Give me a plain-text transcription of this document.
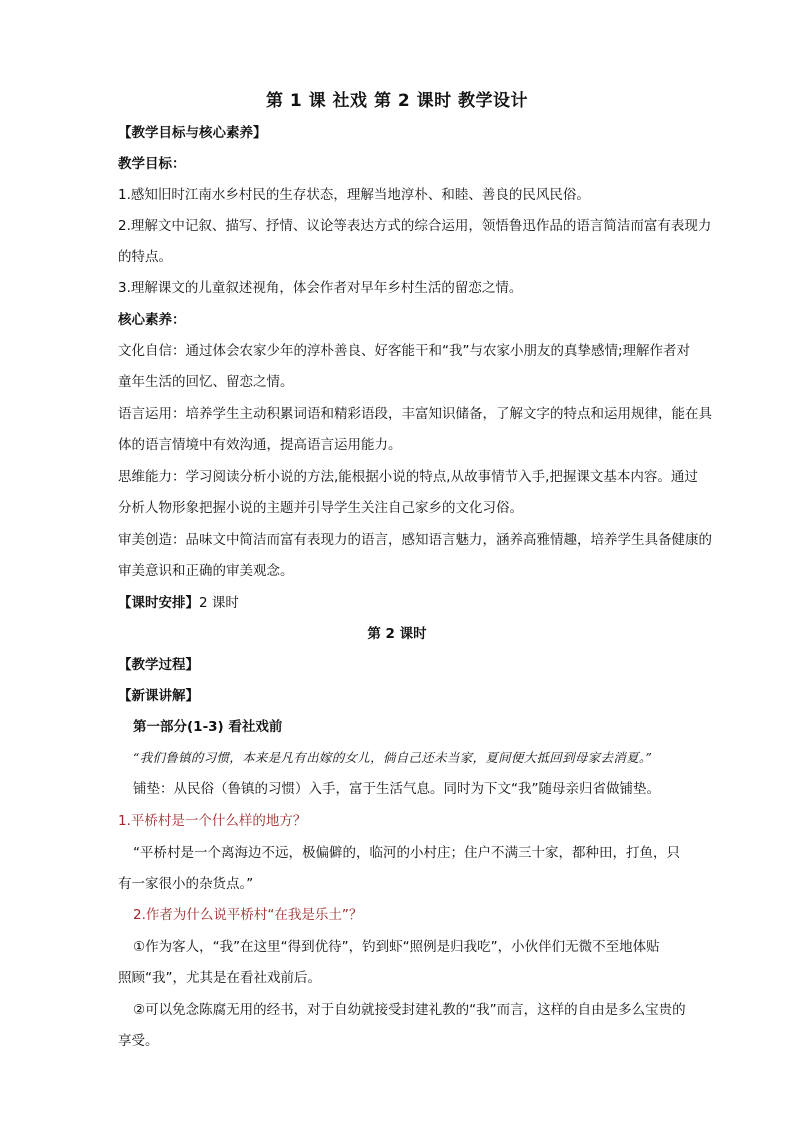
第 1 课 社戏 第 2 课时 教学设计

【教学目标与核心素养】

教学目标：

1.感知旧时江南水乡村民的生存状态，理解当地淳朴、和睦、善良的民风民俗。

2.理解文中记叙、描写、抒情、议论等表达方式的综合运用，领悟鲁迅作品的语言简洁而富有表现力

的特点。

3.理解课文的儿童叙述视角，体会作者对早年乡村生活的留恋之情。

核心素养：

文化自信：通过体会农家少年的淳朴善良、好客能干和“我”与农家小朋友的真挚感情;理解作者对

童年生活的回忆、留恋之情。

语言运用：培养学生主动积累词语和精彩语段，丰富知识储备，了解文字的特点和运用规律，能在具

体的语言情境中有效沟通，提高语言运用能力。

思维能力：学习阅读分析小说的方法,能根据小说的特点,从故事情节入手,把握课文基本内容。通过

分析人物形象把握小说的主题并引导学生关注自己家乡的文化习俗。

审美创造：品味文中简洁而富有表现力的语言，感知语言魅力，涵养高雅情趣，培养学生具备健康的

审美意识和正确的审美观念。

【课时安排】2 课时

第 2 课时

【教学过程】

【新课讲解】

第一部分(1-3) 看社戏前

“我们鲁镇的习惯，本来是凡有出嫁的女儿，倘自己还未当家，夏间便大抵回到母家去消夏。”

铺垫：从民俗（鲁镇的习惯）入手，富于生活气息。同时为下文“我”随母亲归省做铺垫。

1.平桥村是一个什么样的地方？

“平桥村是一个离海边不远，极偏僻的，临河的小村庄；住户不满三十家，都种田，打鱼，只

有一家很小的杂货点。”

2.作者为什么说平桥村“在我是乐土”？

①作为客人，“我”在这里“得到优待”，钓到虾“照例是归我吃”，小伙伴们无微不至地体贴

照顾“我”，尤其是在看社戏前后。

②可以免念陈腐无用的经书，对于自幼就接受封建礼教的“我”而言，这样的自由是多么宝贵的

享受。
